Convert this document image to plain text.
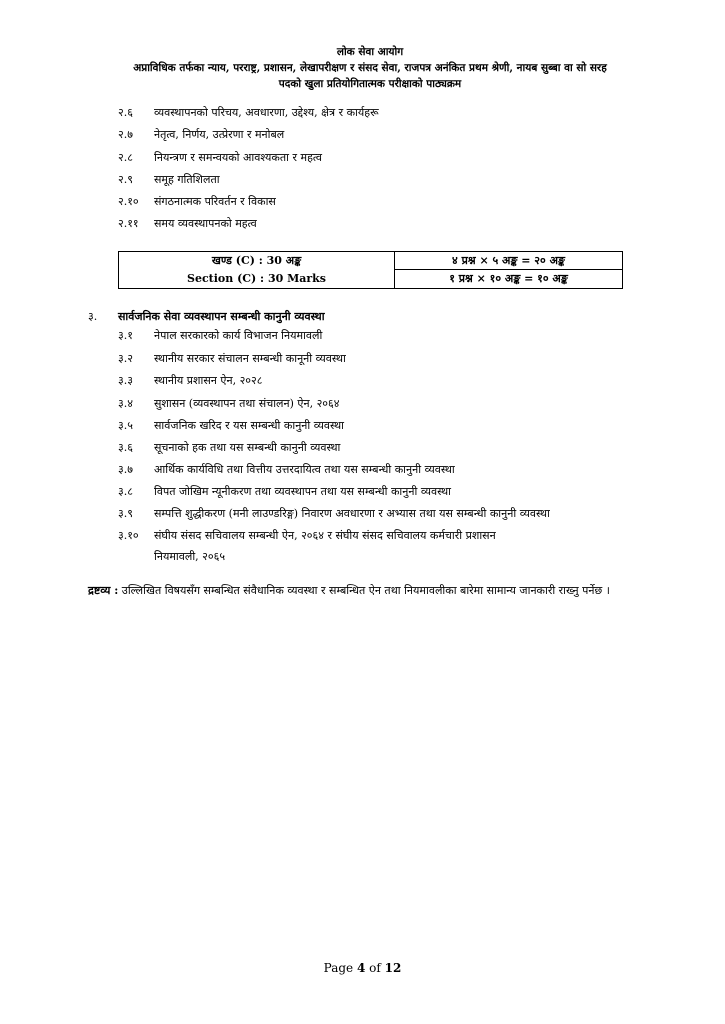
लोक सेवा आयोग
अप्राविधिक तर्फका न्याय, परराष्ट्र, प्रशासन, लेखापरीक्षण र संसद सेवा, राजपत्र अनंकित प्रथम श्रेणी, नायब सुब्बा वा सो सरह
पदको खुला प्रतियोगितात्मक परीक्षाको पाठ्यक्रम
२.६ व्यवस्थापनको परिचय, अवधारणा, उद्देश्य, क्षेत्र र कार्यहरू
२.७ नेतृत्व, निर्णय, उत्प्रेरणा र मनोबल
२.८ नियन्त्रण र समन्वयको आवश्यकता र महत्व
२.९ समूह गतिशिलता
२.१० संगठनात्मक परिवर्तन र विकास
२.११ समय व्यवस्थापनको महत्व
खण्ड (C) : 30 अङ्क
Section (C) : 30 Marks
४ प्रश्न × ५ अङ्क = २० अङ्क
१ प्रश्न × १० अङ्क = १० अङ्क
३. सार्वजनिक सेवा व्यवस्थापन सम्बन्धी कानुनी व्यवस्था
३.१ नेपाल सरकारको कार्य विभाजन नियमावली
३.२ स्थानीय सरकार संचालन सम्बन्धी कानूनी व्यवस्था
३.३ स्थानीय प्रशासन ऐन, २०२८
३.४ सुशासन (व्यवस्थापन तथा संचालन) ऐन, २०६४
३.५ सार्वजनिक खरिद र यस सम्बन्धी कानुनी व्यवस्था
३.६ सूचनाको हक तथा यस सम्बन्धी कानुनी व्यवस्था
३.७ आर्थिक कार्यविधि तथा वित्तीय उत्तरदायित्व तथा यस सम्बन्धी कानुनी व्यवस्था
३.८ विपत जोखिम न्यूनीकरण तथा व्यवस्थापन तथा यस सम्बन्धी कानुनी व्यवस्था
३.९ सम्पत्ति शुद्धीकरण (मनी लाउण्डरिङ्ग) निवारण अवधारणा र अभ्यास तथा यस सम्बन्धी कानुनी व्यवस्था
३.१० संघीय संसद सचिवालय सम्बन्धी ऐन, २०६४ र संघीय संसद सचिवालय कर्मचारी प्रशासन
नियमावली, २०६५
द्रष्टव्य : उल्लिखित विषयसँग सम्बन्धित संवैधानिक व्यवस्था र सम्बन्धित ऐन तथा नियमावलीका बारेमा सामान्य जानकारी राख्नु पर्नेछ ।
Page 4 of 12
